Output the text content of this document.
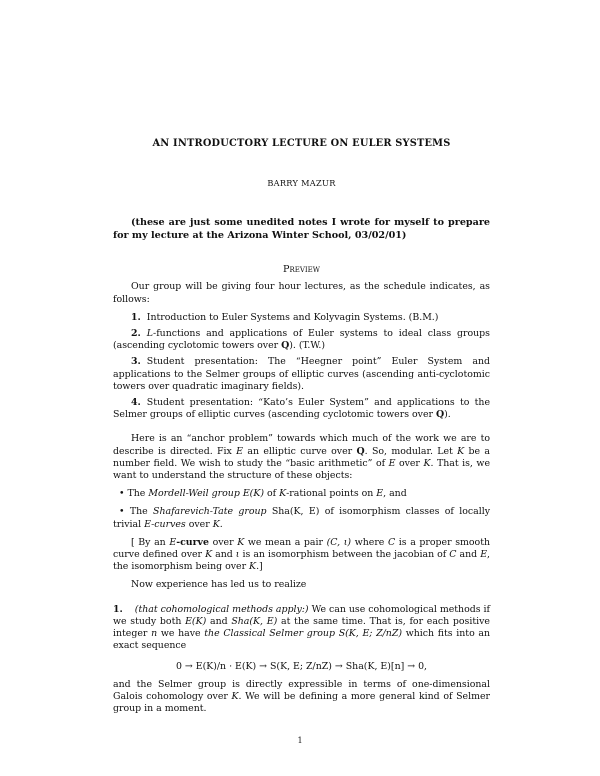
AN INTRODUCTORY LECTURE ON EULER SYSTEMS

BARRY MAZUR

(these are just some unedited notes I wrote for myself to prepare for my lecture at the Arizona Winter School, 03/02/01)

Preview

Our group will be giving four hour lectures, as the schedule indicates, as follows:

1. Introduction to Euler Systems and Kolyvagin Systems. (B.M.)
2. L-functions and applications of Euler systems to ideal class groups (ascending cyclotomic towers over Q). (T.W.)
3. Student presentation: The “Heegner point” Euler System and applications to the Selmer groups of elliptic curves (ascending anti-cyclotomic towers over quadratic imaginary fields).
4. Student presentation: “Kato’s Euler System” and applications to the Selmer groups of elliptic curves (ascending cyclotomic towers over Q).

Here is an “anchor problem” towards which much of the work we are to describe is directed. Fix E an elliptic curve over Q. So, modular. Let K be a number field. We wish to study the “basic arithmetic” of E over K. That is, we want to understand the structure of these objects:

• The Mordell-Weil group E(K) of K-rational points on E, and
• The Shafarevich-Tate group Sha(K, E) of isomorphism classes of locally trivial E-curves over K.

[ By an E-curve over K we mean a pair (C, ι) where C is a proper smooth curve defined over K and ι is an isomorphism between the jacobian of C and E, the isomorphism being over K.]

Now experience has led us to realize

1. (that cohomological methods apply:) We can use cohomological methods if we study both E(K) and Sha(K, E) at the same time. That is, for each positive integer n we have the Classical Selmer group S(K, E; Z/nZ) which fits into an exact sequence

0 → E(K)/n · E(K) → S(K, E; Z/nZ) → Sha(K, E)[n] → 0,

and the Selmer group is directly expressible in terms of one-dimensional Galois cohomology over K. We will be defining a more general kind of Selmer group in a moment.

1
